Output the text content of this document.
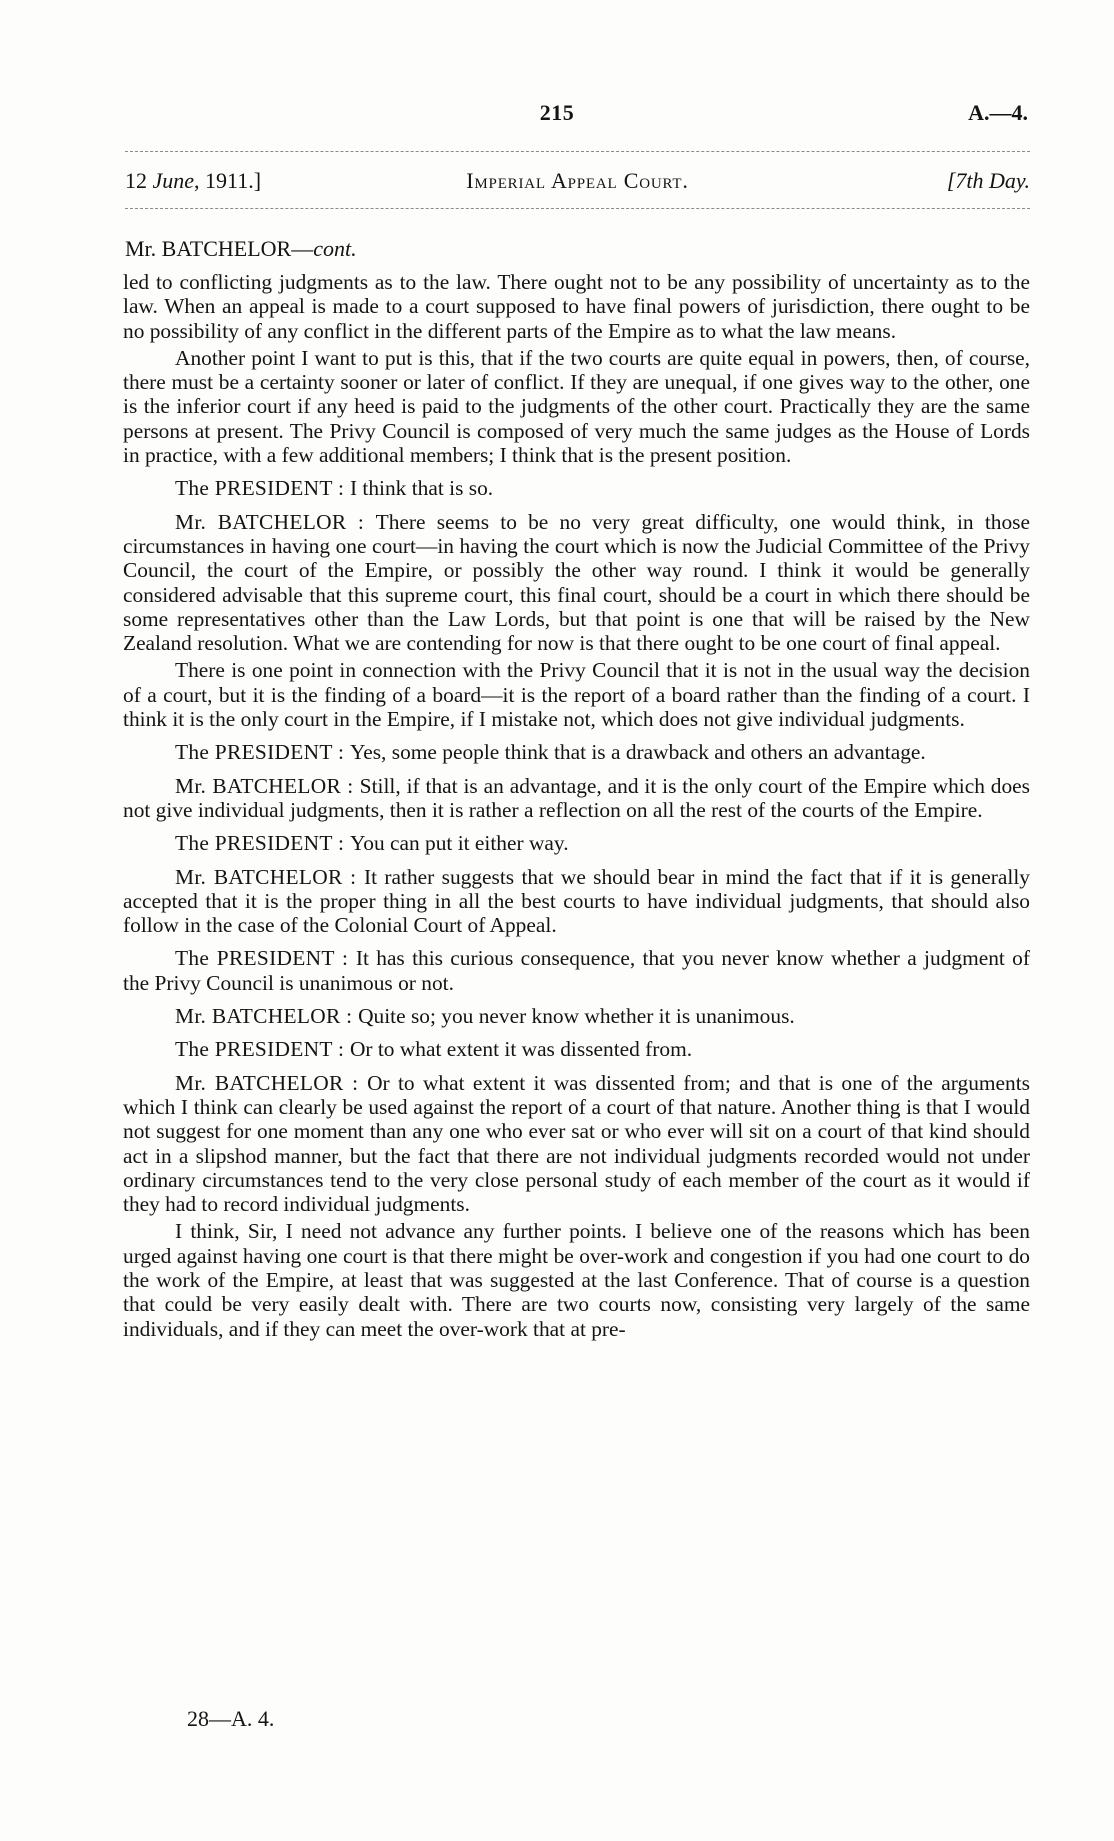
215	A.—4.
12 June, 1911.]	Imperial Appeal Court.	[7th Day.
Mr. BATCHELOR—cont.

led to conflicting judgments as to the law. There ought not to be any possibility of uncertainty as to the law. When an appeal is made to a court supposed to have final powers of jurisdiction, there ought to be no possibility of any conflict in the different parts of the Empire as to what the law means.

Another point I want to put is this, that if the two courts are quite equal in powers, then, of course, there must be a certainty sooner or later of conflict. If they are unequal, if one gives way to the other, one is the inferior court if any heed is paid to the judgments of the other court. Practically they are the same persons at present. The Privy Council is composed of very much the same judges as the House of Lords in practice, with a few additional members; I think that is the present position.

The PRESIDENT : I think that is so.

Mr. BATCHELOR : There seems to be no very great difficulty, one would think, in those circumstances in having one court—in having the court which is now the Judicial Committee of the Privy Council, the court of the Empire, or possibly the other way round. I think it would be generally considered advisable that this supreme court, this final court, should be a court in which there should be some representatives other than the Law Lords, but that point is one that will be raised by the New Zealand resolution. What we are contending for now is that there ought to be one court of final appeal.

There is one point in connection with the Privy Council that it is not in the usual way the decision of a court, but it is the finding of a board—it is the report of a board rather than the finding of a court. I think it is the only court in the Empire, if I mistake not, which does not give individual judgments.

The PRESIDENT : Yes, some people think that is a drawback and others an advantage.

Mr. BATCHELOR : Still, if that is an advantage, and it is the only court of the Empire which does not give individual judgments, then it is rather a reflection on all the rest of the courts of the Empire.

The PRESIDENT : You can put it either way.

Mr. BATCHELOR : It rather suggests that we should bear in mind the fact that if it is generally accepted that it is the proper thing in all the best courts to have individual judgments, that should also follow in the case of the Colonial Court of Appeal.

The PRESIDENT : It has this curious consequence, that you never know whether a judgment of the Privy Council is unanimous or not.

Mr. BATCHELOR : Quite so; you never know whether it is unanimous.

The PRESIDENT : Or to what extent it was dissented from.

Mr. BATCHELOR : Or to what extent it was dissented from; and that is one of the arguments which I think can clearly be used against the report of a court of that nature. Another thing is that I would not suggest for one moment than any one who ever sat or who ever will sit on a court of that kind should act in a slipshod manner, but the fact that there are not individual judgments recorded would not under ordinary circumstances tend to the very close personal study of each member of the court as it would if they had to record individual judgments.

I think, Sir, I need not advance any further points. I believe one of the reasons which has been urged against having one court is that there might be over-work and congestion if you had one court to do the work of the Empire, at least that was suggested at the last Conference. That of course is a question that could be very easily dealt with. There are two courts now, consisting very largely of the same individuals, and if they can meet the over-work that at pre-

28—A. 4.
